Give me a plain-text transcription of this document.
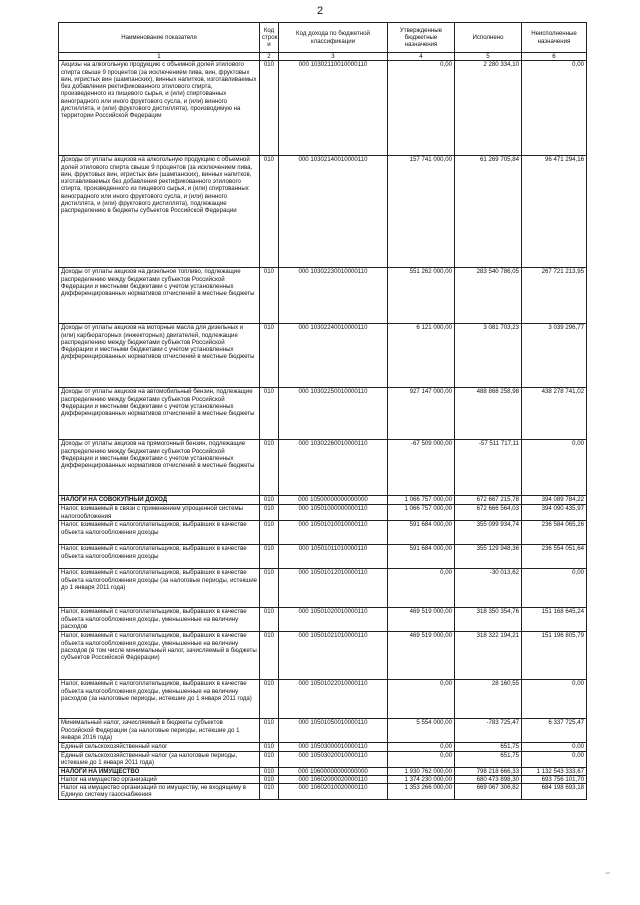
2
Наименование показателя	Код строк и	Код дохода по бюджетной классификации	Утвержденные бюджетные назначения	Исполнено	Неисполненные назначения
1	2	3	4	5	6
Акцизы на алкогольную продукцию с объемной долей этилового спирта свыше 9 процентов (за исключением пива, вин, фруктовых вин, игристых вин (шампанских), винных напитков, изготавливаемых без добавления ректификованного этилового спирта, произведенного из пищевого сырья, и (или) спиртованных виноградного или иного фруктового сусла, и (или) винного дистиллята, и (или) фруктового дистиллята), производимую на территории Российской Федерации	010	000 10302110010000110	0,00	2 280 334,10	0,00
Доходы от уплаты акцизов на алкогольную продукцию с объемной долей этилового спирта свыше 9 процентов (за исключением пива, вин, фруктовых вин, игристых вин (шампанских), винных напитков, изготавливаемых без добавления ректификованного этилового спирта, произведенного из пищевого сырья, и (или) спиртованных виноградного или иного фруктового сусла, и (или) винного дистиллята, и (или) фруктового дистиллята), подлежащие распределению в бюджеты субъектов Российской Федерации	010	000 10302140010000110	157 741 000,00	61 269 705,84	96 471 294,16
Доходы от уплаты акцизов на дизельное топливо, подлежащие распределению между бюджетами субъектов Российской Федерации и местными бюджетами с учетом установленных дифференцированных нормативов отчислений в местные бюджеты	010	000 10302230010000110	551 262 000,00	283 540 786,05	267 721 213,95
Доходы от уплаты акцизов на моторные масла для дизельных и (или) карбюраторных (инжекторных) двигателей, подлежащие распределению между бюджетами субъектов Российской Федерации и местными бюджетами с учетом установленных дифференцированных нормативов отчислений в местные бюджеты	010	000 10302240010000110	6 121 000,00	3 081 703,23	3 039 296,77
Доходы от уплаты акцизов на автомобильный бензин, подлежащие распределению между бюджетами субъектов Российской Федерации и местными бюджетами с учетом установленных дифференцированных нормативов отчислений в местные бюджеты	010	000 10302250010000110	927 147 000,00	488 868 258,98	438 278 741,02
Доходы от уплаты акцизов на прямогонный бензин, подлежащие распределению между бюджетами субъектов Российской Федерации и местными бюджетами с учетом установленных дифференцированных нормативов отчислений в местные бюджеты	010	000 10302260010000110	-67 509 000,00	-57 511 717,11	0,00
НАЛОГИ НА СОВОКУПНЫЙ ДОХОД	010	000 10500000000000000	1 066 757 000,00	672 667 215,78	394 089 784,22
Налог, взимаемый в связи с применением упрощенной системы налогообложения	010	000 10501000000000110	1 066 757 000,00	672 666 564,03	394 090 435,97
Налог, взимаемый с налогоплательщиков, выбравших в качестве объекта налогообложения доходы	010	000 10501010010000110	591 684 000,00	355 099 934,74	236 584 065,26
Налог, взимаемый с налогоплательщиков, выбравших в качестве объекта налогообложения доходы	010	000 10501011010000110	591 684 000,00	355 129 948,36	236 554 051,64
Налог, взимаемый с налогоплательщиков, выбравших в качестве объекта налогообложения доходы (за налоговые периоды, истекшие до 1 января 2011 года)	010	000 10501012010000110	0,00	-30 013,62	0,00
Налог, взимаемый с налогоплательщиков, выбравших в качестве объекта налогообложения доходы, уменьшенные на величину расходов	010	000 10501020010000110	469 519 000,00	318 350 354,76	151 168 645,24
Налог, взимаемый с налогоплательщиков, выбравших в качестве объекта налогообложения доходы, уменьшенные на величину расходов (в том числе минимальный налог, зачисляемый в бюджеты субъектов Российской Федерации)	010	000 10501021010000110	469 519 000,00	318 322 194,21	151 196 805,79
Налог, взимаемый с налогоплательщиков, выбравших в качестве объекта налогообложения доходы, уменьшенные на величину расходов (за налоговые периоды, истекшие до 1 января 2011 года)	010	000 10501022010000110	0,00	28 160,55	0,00
Минимальный налог, зачисляемый в бюджеты субъектов Российской Федерации (за налоговые периоды, истекшие до 1 января 2016 года)	010	000 10501050010000110	5 554 000,00	-783 725,47	6 337 725,47
Единый сельскохозяйственный налог	010	000 10503000010000110	0,00	651,75	0,00
Единый сельскохозяйственный налог (за налоговые периоды, истекшие до 1 января 2011 года)	010	000 10503020010000110	0,00	651,75	0,00
НАЛОГИ НА ИМУЩЕСТВО	010	000 10600000000000000	1 930 762 000,00	798 218 666,33	1 132 543 333,67
Налог на имущество организаций	010	000 10602000020000110	1 374 230 000,00	680 473 898,30	693 756 101,70
Налог на имущество организаций по имуществу, не входящему в Единую систему газоснабжения	010	000 10602010020000110	1 353 266 000,00	669 067 306,82	684 198 693,18
~
